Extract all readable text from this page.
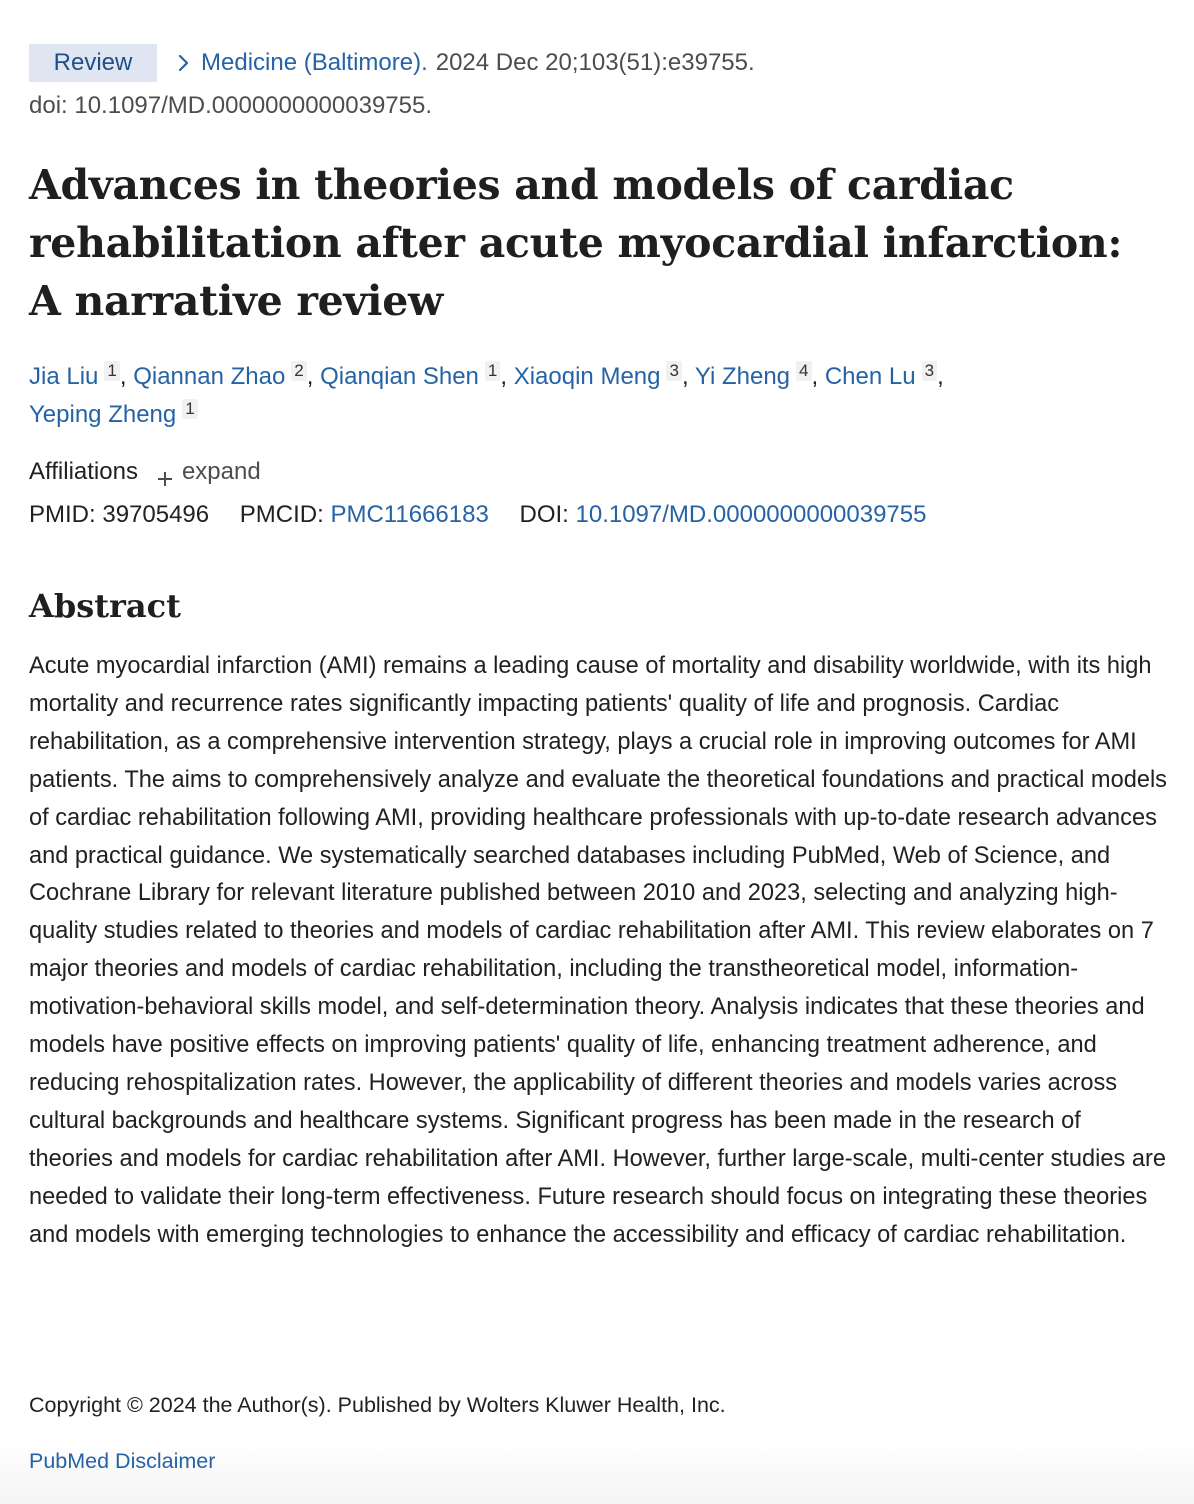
Review	Medicine (Baltimore). 2024 Dec 20;103(51):e39755.
doi: 10.1097/MD.0000000000039755.
Advances in theories and models of cardiac rehabilitation after acute myocardial infarction: A narrative review
Jia Liu 1 , Qiannan Zhao 2 , Qianqian Shen 1 , Xiaoqin Meng 3 , Yi Zheng 4 , Chen Lu 3 ,
Yeping Zheng 1
Affiliations expand
PMID: 39705496 PMCID: PMC11666183 DOI: 10.1097/MD.0000000000039755
Abstract

Acute myocardial infarction (AMI) remains a leading cause of mortality and disability worldwide, with its high mortality and recurrence rates significantly impacting patients' quality of life and prognosis. Cardiac rehabilitation, as a comprehensive intervention strategy, plays a crucial role in improving outcomes for AMI patients. The aims to comprehensively analyze and evaluate the theoretical foundations and practical models of cardiac rehabilitation following AMI, providing healthcare professionals with up-to-date research advances and practical guidance. We systematically searched databases including PubMed, Web of Science, and Cochrane Library for relevant literature published between 2010 and 2023, selecting and analyzing high-quality studies related to theories and models of cardiac rehabilitation after AMI. This review elaborates on 7 major theories and models of cardiac rehabilitation, including the transtheoretical model, information-motivation-behavioral skills model, and self-determination theory. Analysis indicates that these theories and models have positive effects on improving patients' quality of life, enhancing treatment adherence, and reducing rehospitalization rates. However, the applicability of different theories and models varies across cultural backgrounds and healthcare systems. Significant progress has been made in the research of theories and models for cardiac rehabilitation after AMI. However, further large-scale, multi-center studies are needed to validate their long-term effectiveness. Future research should focus on integrating these theories and models with emerging technologies to enhance the accessibility and efficacy of cardiac rehabilitation.

Copyright © 2024 the Author(s). Published by Wolters Kluwer Health, Inc.
PubMed Disclaimer
